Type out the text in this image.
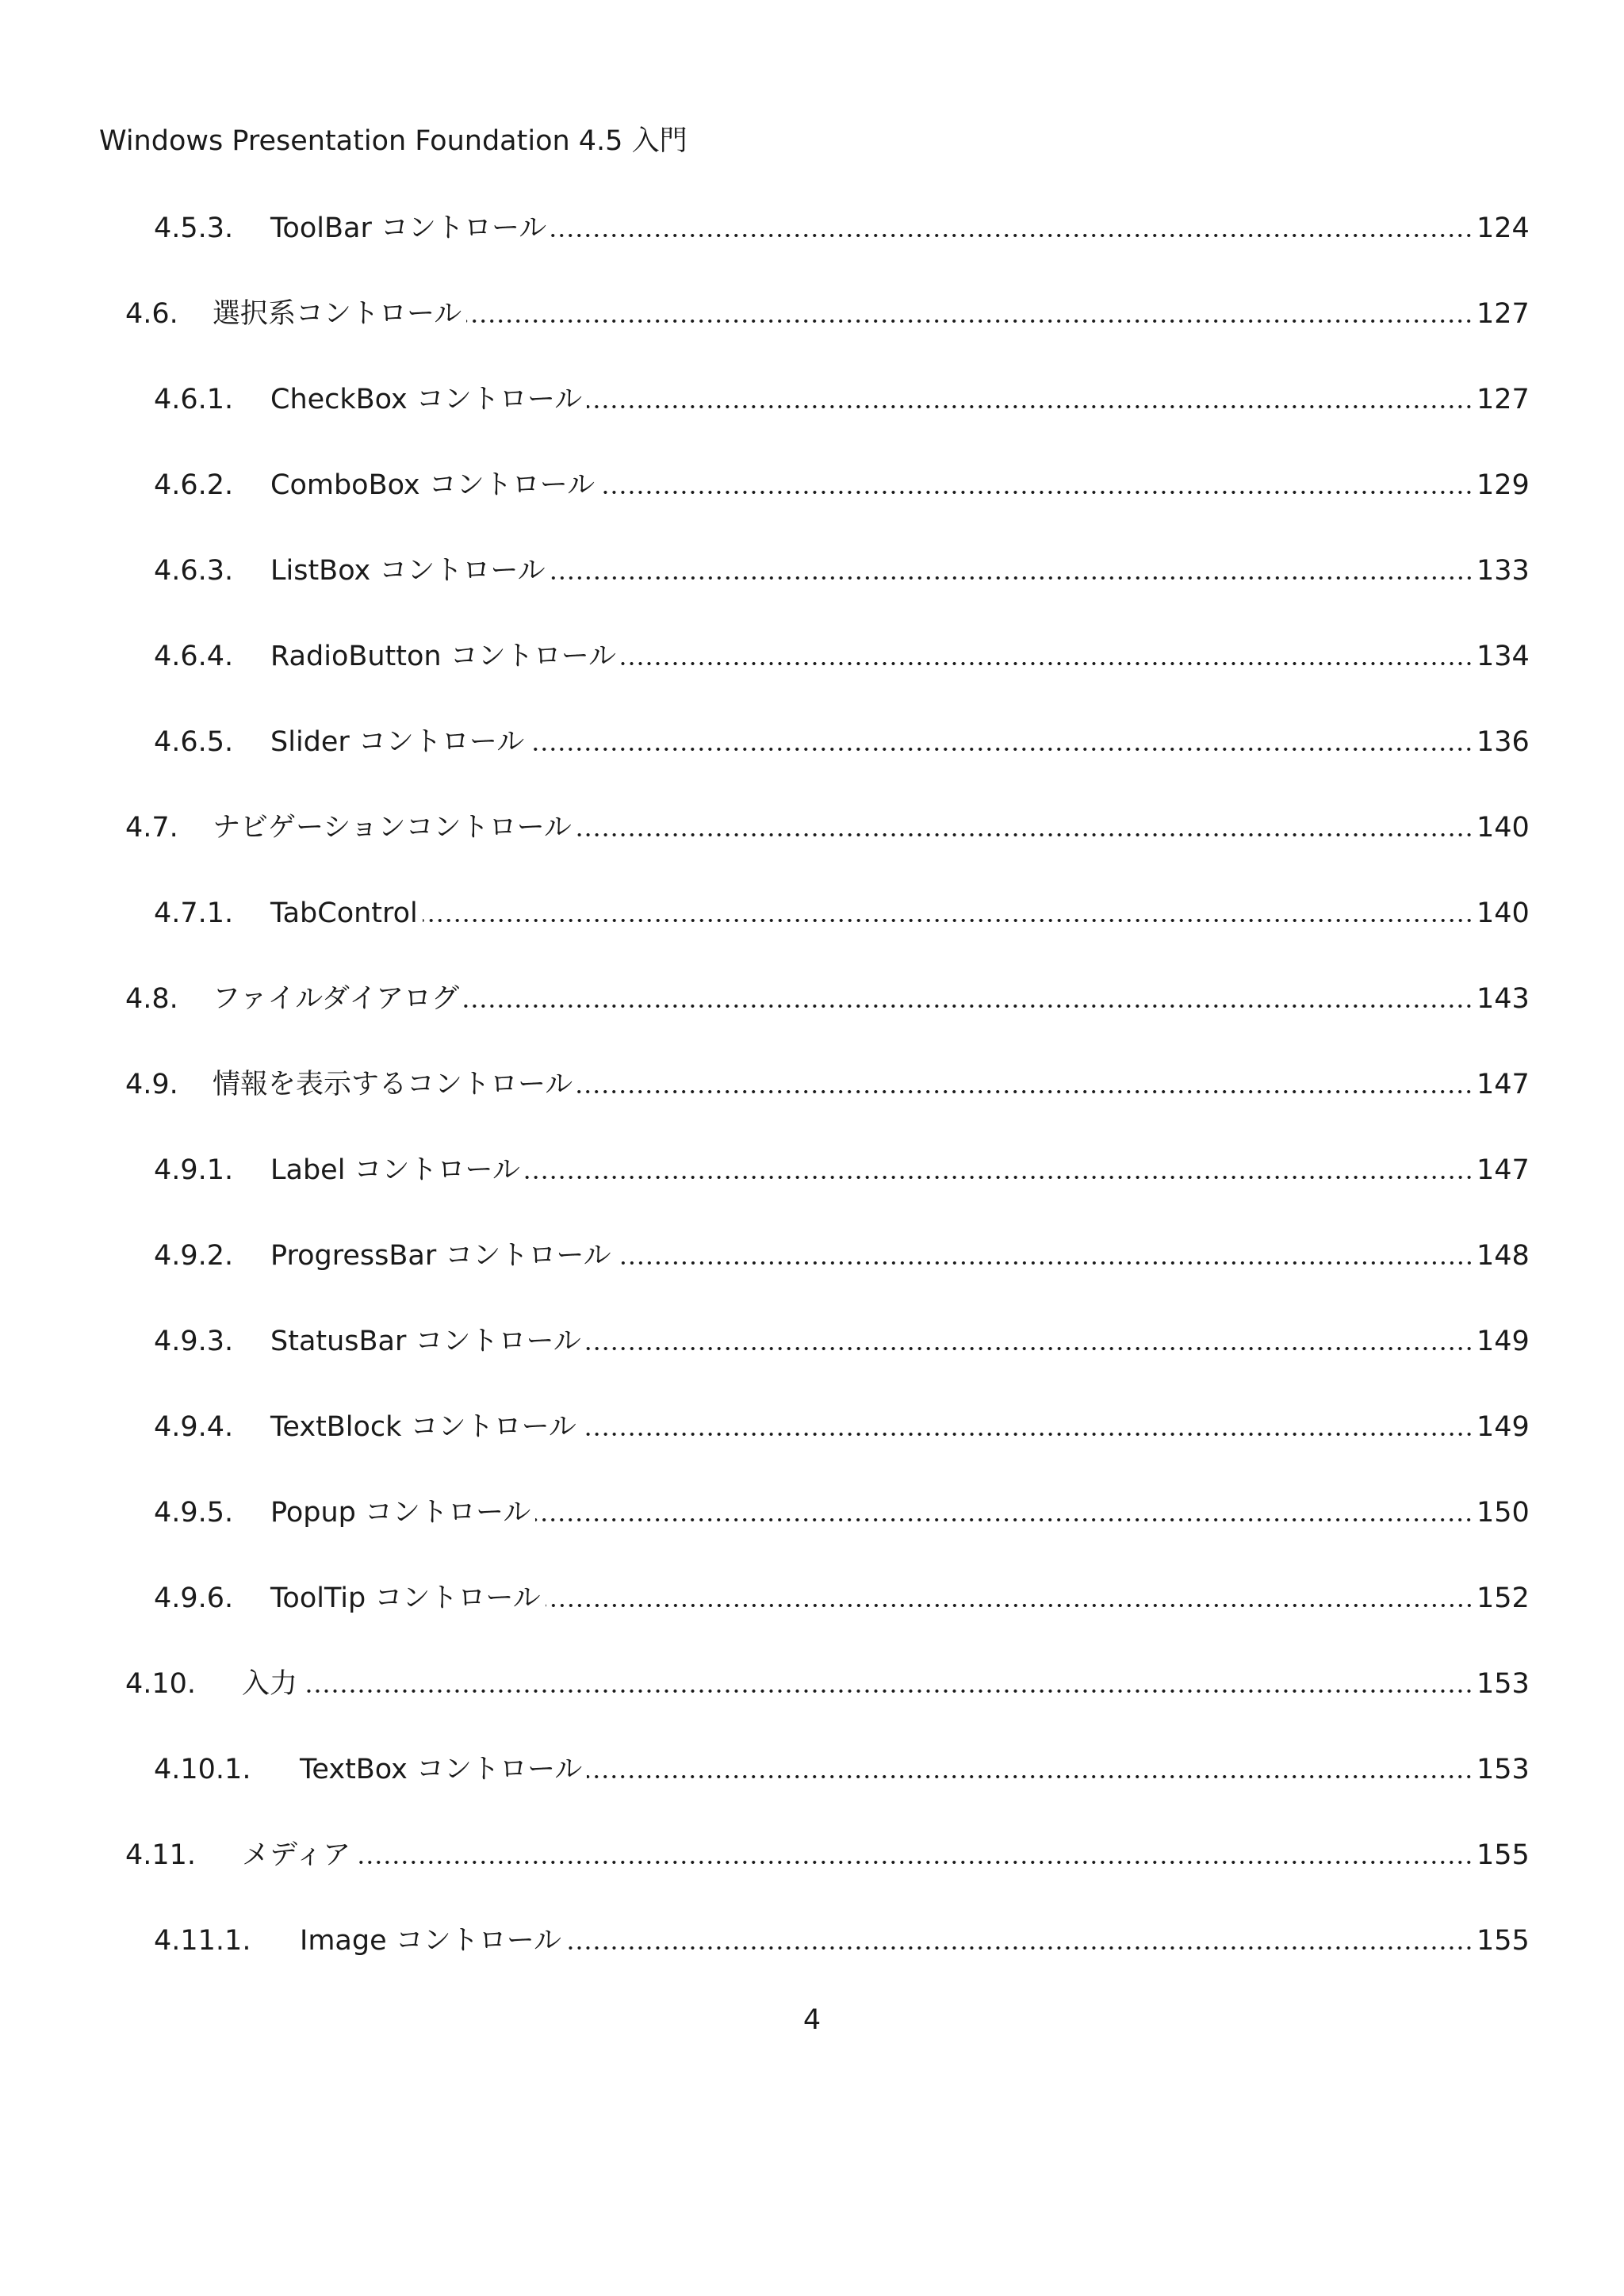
Windows Presentation Foundation 4.5 入門
4.5.3.	ToolBar コントロール	124
4.6.	選択系コントロール	127
4.6.1.	CheckBox コントロール	127
4.6.2.	ComboBox コントロール	129
4.6.3.	ListBox コントロール	133
4.6.4.	RadioButton コントロール	134
4.6.5.	Slider コントロール	136
4.7.	ナビゲーションコントロール	140
4.7.1.	TabControl	140
4.8.	ファイルダイアログ	143
4.9.	情報を表示するコントロール	147
4.9.1.	Label コントロール	147
4.9.2.	ProgressBar コントロール	148
4.9.3.	StatusBar コントロール	149
4.9.4.	TextBlock コントロール	149
4.9.5.	Popup コントロール	150
4.9.6.	ToolTip コントロール	152
4.10.	入力	153
4.10.1.	TextBox コントロール	153
4.11.	メディア	155
4.11.1.	Image コントロール	155
4
